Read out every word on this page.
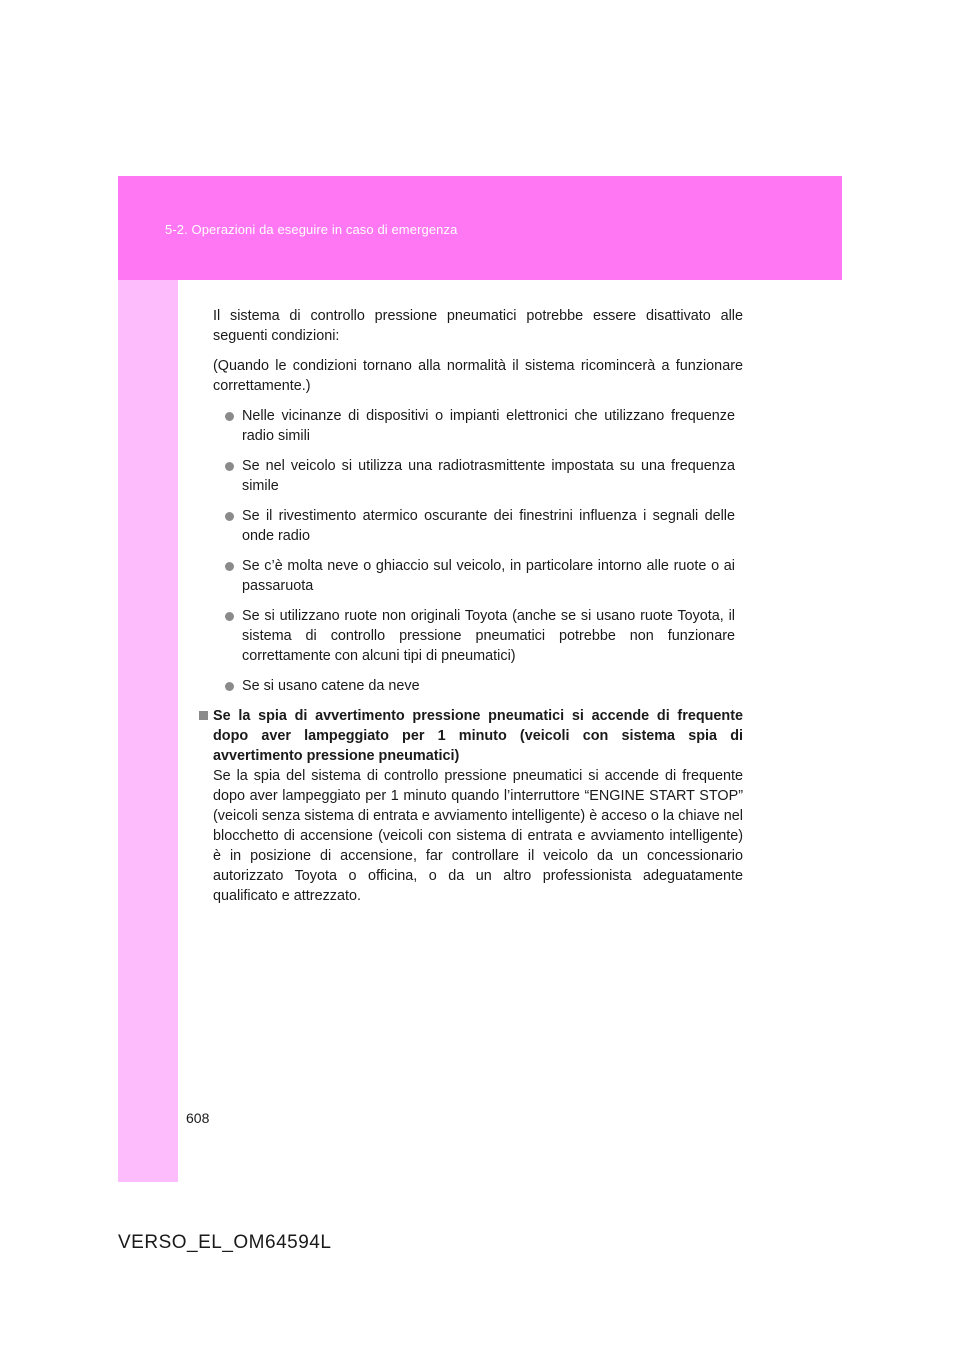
5-2. Operazioni da eseguire in caso di emergenza

Il sistema di controllo pressione pneumatici potrebbe essere disattivato alle seguenti condizioni:

(Quando le condizioni tornano alla normalità il sistema ricomincerà a funzionare correttamente.)

Nelle vicinanze di dispositivi o impianti elettronici che utilizzano frequenze radio simili
Se nel veicolo si utilizza una radiotrasmittente impostata su una frequenza simile
Se il rivestimento atermico oscurante dei finestrini influenza i segnali delle onde radio
Se c’è molta neve o ghiaccio sul veicolo, in particolare intorno alle ruote o ai passaruota
Se si utilizzano ruote non originali Toyota (anche se si usano ruote Toyota, il sistema di controllo pressione pneumatici potrebbe non funzionare correttamente con alcuni tipi di pneumatici)
Se si usano catene da neve

Se la spia di avvertimento pressione pneumatici si accende di frequente dopo aver lampeggiato per 1 minuto (veicoli con sistema spia di avvertimento pressione pneumatici)

Se la spia del sistema di controllo pressione pneumatici si accende di frequente dopo aver lampeggiato per 1 minuto quando l’interruttore “ENGINE START STOP” (veicoli senza sistema di entrata e avviamento intelligente) è acceso o la chiave nel blocchetto di accensione (veicoli con sistema di entrata e avviamento intelligente) è in posizione di accensione, far controllare il veicolo da un concessionario autorizzato Toyota o officina, o da un altro professionista adeguatamente qualificato e attrezzato.

608
VERSO_EL_OM64594L
